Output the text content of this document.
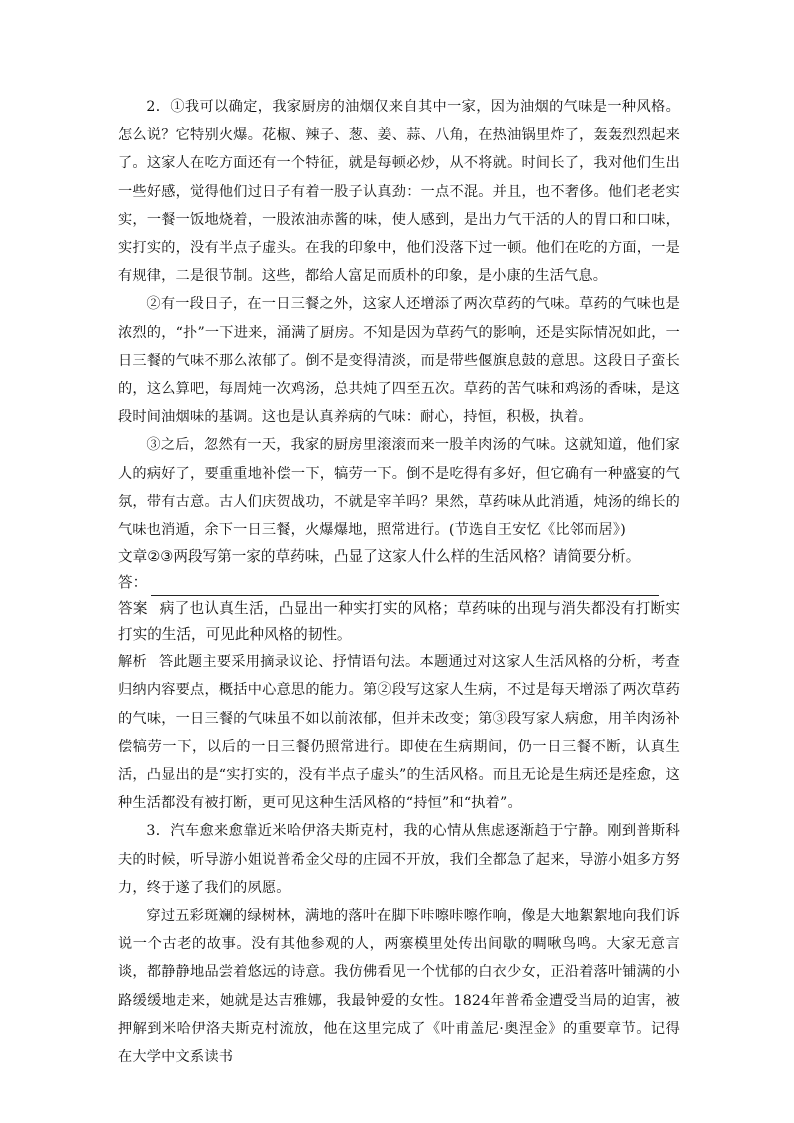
2．①我可以确定，我家厨房的油烟仅来自其中一家，因为油烟的气味是一种风格。怎么说？它特别火爆。花椒、辣子、葱、姜、蒜、八角，在热油锅里炸了，轰轰烈烈起来了。这家人在吃方面还有一个特征，就是每顿必炒，从不将就。时间长了，我对他们生出一些好感，觉得他们过日子有着一股子认真劲：一点不混。并且，也不奢侈。他们老老实实，一餐一饭地烧着，一股浓油赤酱的味，使人感到，是出力气干活的人的胃口和口味，实打实的，没有半点子虚头。在我的印象中，他们没落下过一顿。他们在吃的方面，一是有规律，二是很节制。这些，都给人富足而质朴的印象，是小康的生活气息。

②有一段日子，在一日三餐之外，这家人还增添了两次草药的气味。草药的气味也是浓烈的，“扑”一下进来，涌满了厨房。不知是因为草药气的影响，还是实际情况如此，一日三餐的气味不那么浓郁了。倒不是变得清淡，而是带些偃旗息鼓的意思。这段日子蛮长的，这么算吧，每周炖一次鸡汤，总共炖了四至五次。草药的苦气味和鸡汤的香味，是这段时间油烟味的基调。这也是认真养病的气味：耐心，持恒，积极，执着。

③之后，忽然有一天，我家的厨房里滚滚而来一股羊肉汤的气味。这就知道，他们家人的病好了，要重重地补偿一下，犒劳一下。倒不是吃得有多好，但它确有一种盛宴的气氛，带有古意。古人们庆贺战功，不就是宰羊吗？果然，草药味从此消遁，炖汤的绵长的气味也消遁，余下一日三餐，火爆爆地，照常进行。(节选自王安忆《比邻而居》)

文章②③两段写第一家的草药味，凸显了这家人什么样的生活风格？请简要分析。

答：

答案 病了也认真生活，凸显出一种实打实的风格；草药味的出现与消失都没有打断实打实的生活，可见此种风格的韧性。

解析 答此题主要采用摘录议论、抒情语句法。本题通过对这家人生活风格的分析，考查归纳内容要点，概括中心意思的能力。第②段写这家人生病，不过是每天增添了两次草药的气味，一日三餐的气味虽不如以前浓郁，但并未改变；第③段写家人病愈，用羊肉汤补偿犒劳一下，以后的一日三餐仍照常进行。即使在生病期间，仍一日三餐不断，认真生活，凸显出的是“实打实的，没有半点子虚头”的生活风格。而且无论是生病还是痊愈，这种生活都没有被打断，更可见这种生活风格的“持恒”和“执着”。

3．汽车愈来愈靠近米哈伊洛夫斯克村，我的心情从焦虑逐渐趋于宁静。刚到普斯科夫的时候，听导游小姐说普希金父母的庄园不开放，我们全都急了起来，导游小姐多方努力，终于遂了我们的夙愿。

穿过五彩斑斓的绿树林，满地的落叶在脚下咔嚓咔嚓作响，像是大地絮絮地向我们诉说一个古老的故事。没有其他参观的人，两寨模里处传出间歇的啁啾鸟鸣。大家无意言谈，都静静地品尝着悠远的诗意。我仿佛看见一个忧郁的白衣少女，正沿着落叶铺满的小路缓缓地走来，她就是达吉雅娜，我最钟爱的女性。1824年普希金遭受当局的迫害，被押解到米哈伊洛夫斯克村流放，他在这里完成了《叶甫盖尼·奥涅金》的重要章节。记得在大学中文系读书
